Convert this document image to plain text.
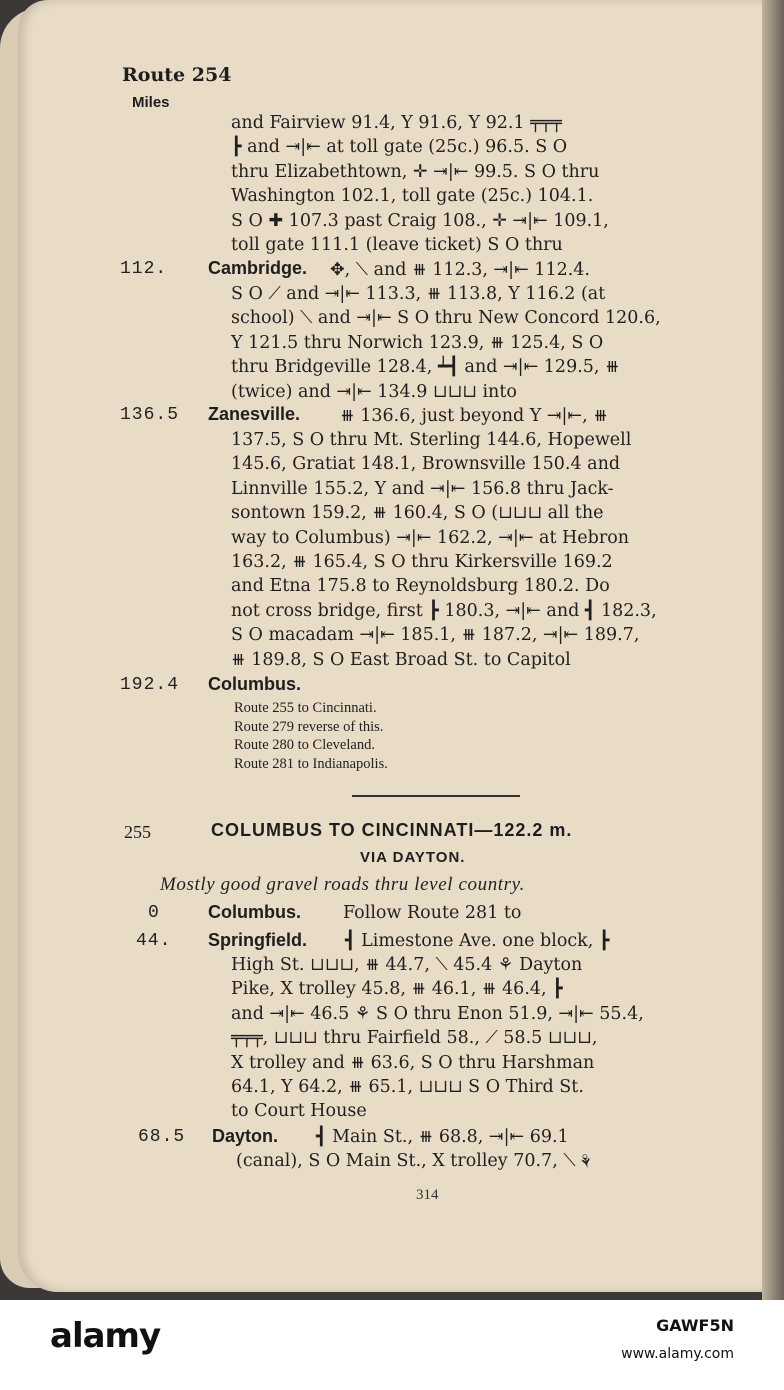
Route 254
Miles
and Fairview 91.4, Y 91.6, Y 92.1 ╤╤╤
┣ and ⇥|⇤ at toll gate (25c.) 96.5. S O
thru Elizabethtown, ✛ ⇥|⇤ 99.5. S O thru
Washington 102.1, toll gate (25c.) 104.1.
S O ✚ 107.3 past Craig 108., ✛ ⇥|⇤ 109.1,
toll gate 111.1 (leave ticket) S O thru
112. Cambridge. ✥, ⟍ and ⧻ 112.3, ⇥|⇤ 112.4.
S O ⟋ and ⇥|⇤ 113.3, ⧻ 113.8, Y 116.2 (at
school) ⟍ and ⇥|⇤ S O thru New Concord 120.6,
Y 121.5 thru Norwich 123.9, ⧻ 125.4, S O
thru Bridgeville 128.4, ┷┫ and ⇥|⇤ 129.5, ⧻
(twice) and ⇥|⇤ 134.9 ⊔⊔⊔ into
136.5 Zanesville. ⧻ 136.6, just beyond Y ⇥|⇤, ⧻
137.5, S O thru Mt. Sterling 144.6, Hopewell
145.6, Gratiat 148.1, Brownsville 150.4 and
Linnville 155.2, Y and ⇥|⇤ 156.8 thru Jack-
sontown 159.2, ⧻ 160.4, S O (⊔⊔⊔ all the
way to Columbus) ⇥|⇤ 162.2, ⇥|⇤ at Hebron
163.2, ⧻ 165.4, S O thru Kirkersville 169.2
and Etna 175.8 to Reynoldsburg 180.2. Do
not cross bridge, first ┣ 180.3, ⇥|⇤ and ┫ 182.3,
S O macadam ⇥|⇤ 185.1, ⧻ 187.2, ⇥|⇤ 189.7,
⧻ 189.8, S O East Broad St. to Capitol
192.4 Columbus.
Route 255 to Cincinnati.
Route 279 reverse of this.
Route 280 to Cleveland.
Route 281 to Indianapolis.
255	COLUMBUS TO CINCINNATI—122.2 m.
VIA DAYTON.
Mostly good gravel roads thru level country.
0	Columbus. Follow Route 281 to
44. Springfield. ┫ Limestone Ave. one block, ┣
High St. ⊔⊔⊔, ⧻ 44.7, ⟍ 45.4 ⚘ Dayton
Pike, X trolley 45.8, ⧻ 46.1, ⧻ 46.4, ┣
and ⇥|⇤ 46.5 ⚘ S O thru Enon 51.9, ⇥|⇤ 55.4,
╤╤╤, ⊔⊔⊔ thru Fairfield 58., ⟋ 58.5 ⊔⊔⊔,
X trolley and ⧻ 63.6, S O thru Harshman
64.1, Y 64.2, ⧻ 65.1, ⊔⊔⊔ S O Third St.
to Court House
68.5 Dayton. ┫ Main St., ⧻ 68.8, ⇥|⇤ 69.1
(canal), S O Main St., X trolley 70.7, ⟍ ⚘
314
alamy	GAWF5N
www.alamy.com
